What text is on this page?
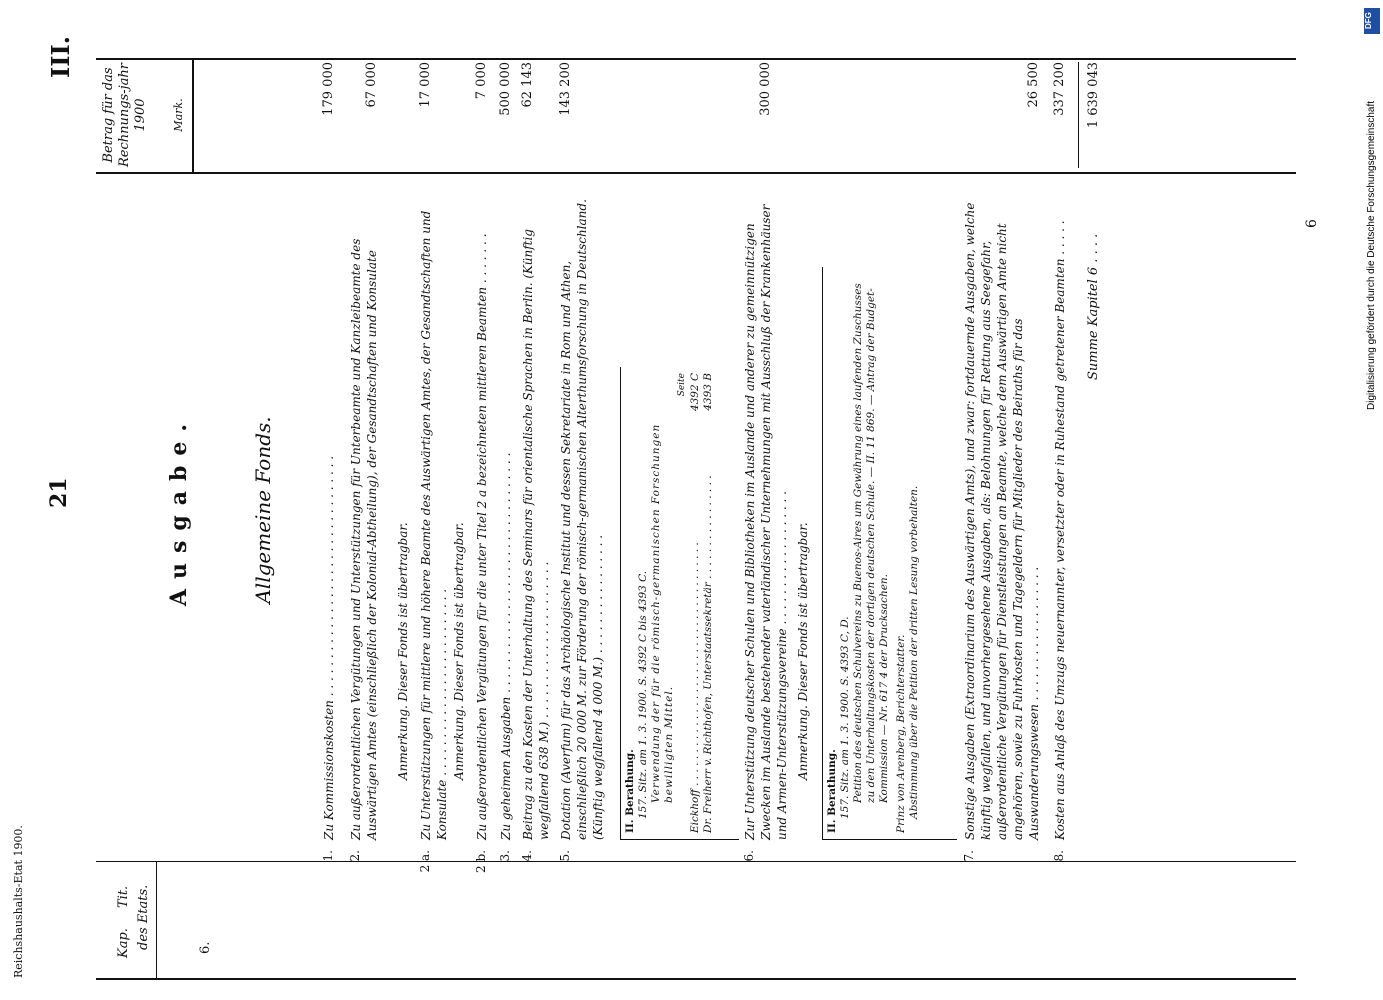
Reichshaushalts-Etat 1900.
21
III.
Kap.
Tit. des Etats.
Betrag für das Rechnungs-jahr 1900 Mark.
6.
Ausgabe.	Allgemeine Fonds.
1.
Zu Kommissionskosten . . . . . . . . . . . . . . . . . . . . . . . . . . . . . . . .
179 000
2.
Zu außerordentlichen Vergütungen und Unterstützungen für Unterbeamte und Kanzleibeamte des Auswärtigen Amtes (einschließlich der Kolonial-Abtheilung), der Gesandtschaften und Konsulate
67 000
Anmerkung. Dieser Fonds ist übertragbar.
2 a.
Zu Unterstützungen für mittlere und höhere Beamte des Auswärtigen Amtes, der Gesandtschaften und Konsulate . . . . . . . . . . . . . . . . . . . . . . . . .
17 000
Anmerkung. Dieser Fonds ist übertragbar.
2 b.
Zu außerordentlichen Vergütungen für die unter Titel 2 a bezeichneten mittleren Beamten . . . . . . .
7 000
3.
Zu geheimen Ausgaben . . . . . . . . . . . . . . . . . . . . . . . . . . . . . . . .
500 000
4.
Beitrag zu den Kosten der Unterhaltung des Seminars für orientalische Sprachen in Berlin. (Künftig wegfallend 638 M.) . . . . . . . . . . . . . . . . . . . . .
62 143
5.
Dotation (Averfum) für das Archäologische Institut und dessen Sekretariate in Rom und Athen, einschließlich 20 000 M. zur Förderung der römisch-germanischen Alterthumsforschung in Deutschland. (Künftig wegfallend 4 000 M.) . . . . . . . . . . . . . . . .
143 200
II. Berathung. 157. Sitz. am 1. 3. 1900. S. 4392 C bis 4393 C. Verwendung der für die römisch-germanischen Forschungen bewilligten Mittel.
Seite
Eickhoff . . . . . . . . . . . . . . . . . . . . . . . . . . . . . . . . . . . . .
4392 C
Dr. Freiherr v. Richthofen, Unterstaatssekretär . . . . . . . . . . . . . . . .
4393 B
6.
Zur Unterstützung deutscher Schulen und Bibliotheken im Auslande und anderer zu gemeinnützigen Zwecken im Auslande bestehender vaterländischer Unternehmungen mit Ausschluß der Krankenhäuser und Armen-Unterstützungsvereine . . . . . . . . . . . . . . . . . .
300 000
Anmerkung. Dieser Fonds ist übertragbar.
II. Berathung. 157. Sitz. am 1. 3. 1900. S. 4393 C, D. Petition des deutschen Schulvereins zu Buenos-Aires um Gewährung eines laufenden Zuschusses zu den Unterhaltungskosten der dortigen deutschen Schule. — II. 11 869. — Antrag der Budget-Kommission — Nr. 617 4 der Drucksachen. Prinz von Arenberg, Berichterstatter. Abstimmung über die Petition der dritten Lesung vorbehalten.
7.
Sonstige Ausgaben (Extraordinarium des Auswärtigen Amts), und zwar: fortdauernde Ausgaben, welche künftig wegfallen, und unvorhergesehene Ausgaben, als: Belohnungen für Rettung aus Seegefahr, außerordentliche Vergütungen für Dienstleistungen an Beamte, welche dem Auswärtigen Amte nicht angehören, sowie zu Fuhrkosten und Tagegeldern für Mitglieder des Beiraths für das Auswanderungswesen . . . . . . . . . . . . . . . . . .
26 500
8.
Kosten aus Anlaß des Umzugs neuernannter, versetzter oder in Ruhestand getretener Beamten . . . . .
337 200
Summe Kapitel 6 . . . .
1 639 043
6
DFG
Digitalisierung gefördert durch die Deutsche Forschungsgemeinschaft
